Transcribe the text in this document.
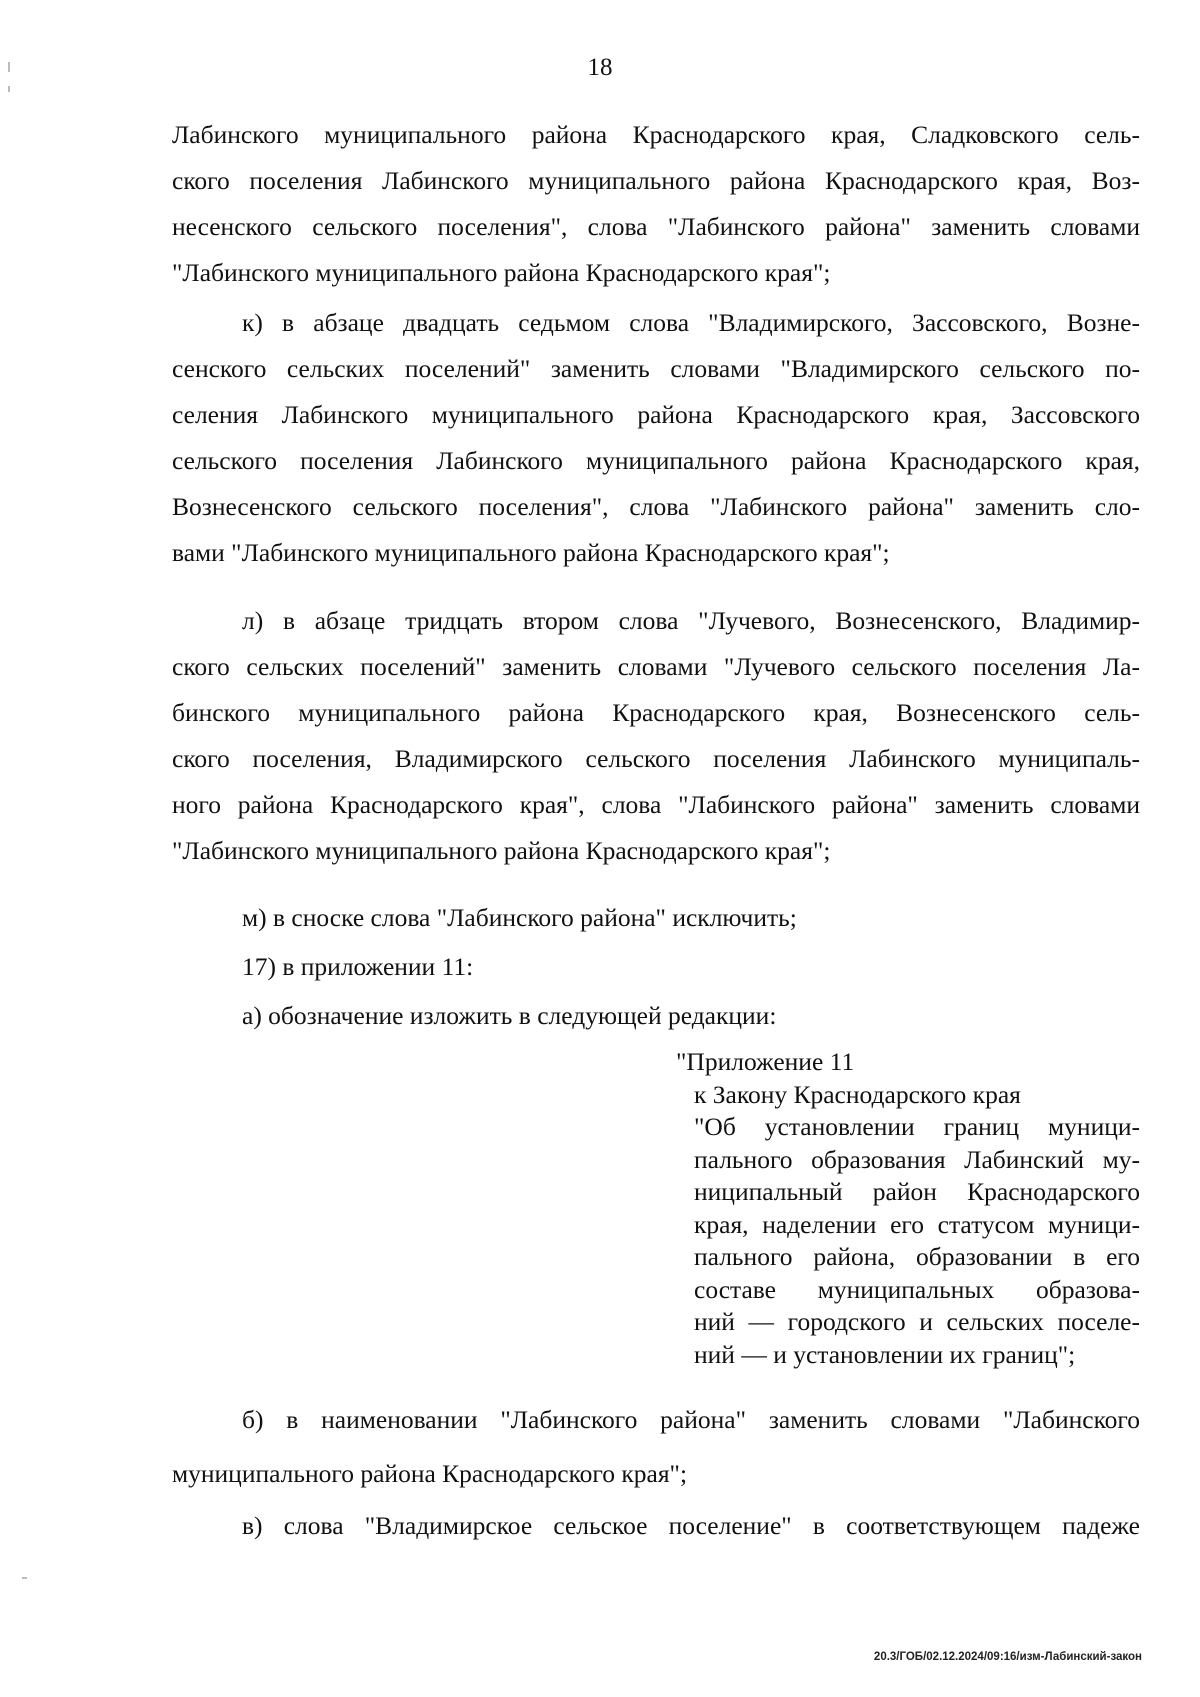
18
Лабинского муниципального района Краснодарского края, Сладковского сель-
ского поселения Лабинского муниципального района Краснодарского края, Воз-
несенского сельского поселения", слова "Лабинского района" заменить словами
"Лабинского муниципального района Краснодарского края";
к) в абзаце двадцать седьмом слова "Владимирского, Зассовского, Возне-
сенского сельских поселений" заменить словами "Владимирского сельского по-
селения Лабинского муниципального района Краснодарского края, Зассовского
сельского поселения Лабинского муниципального района Краснодарского края,
Вознесенского сельского поселения", слова "Лабинского района" заменить сло-
вами "Лабинского муниципального района Краснодарского края";
л) в абзаце тридцать втором слова "Лучевого, Вознесенского, Владимир-
ского сельских поселений" заменить словами "Лучевого сельского поселения Ла-
бинского муниципального района Краснодарского края, Вознесенского сель-
ского поселения, Владимирского сельского поселения Лабинского муниципаль-
ного района Краснодарского края", слова "Лабинского района" заменить словами
"Лабинского муниципального района Краснодарского края";
м) в сноске слова "Лабинского района" исключить;
17) в приложении 11:
а) обозначение изложить в следующей редакции:
"Приложение 11
к Закону Краснодарского края
"Об установлении границ муници-
пального образования Лабинский му-
ниципальный район Краснодарского
края, наделении его статусом муници-
пального района, образовании в его
составе муниципальных образова-
ний — городского и сельских поселе-
ний — и установлении их границ";
б) в наименовании "Лабинского района" заменить словами "Лабинского
муниципального района Краснодарского края";
в) слова "Владимирское сельское поселение" в соответствующем падеже
20.3/ГОБ/02.12.2024/09:16/изм-Лабинский-закон
